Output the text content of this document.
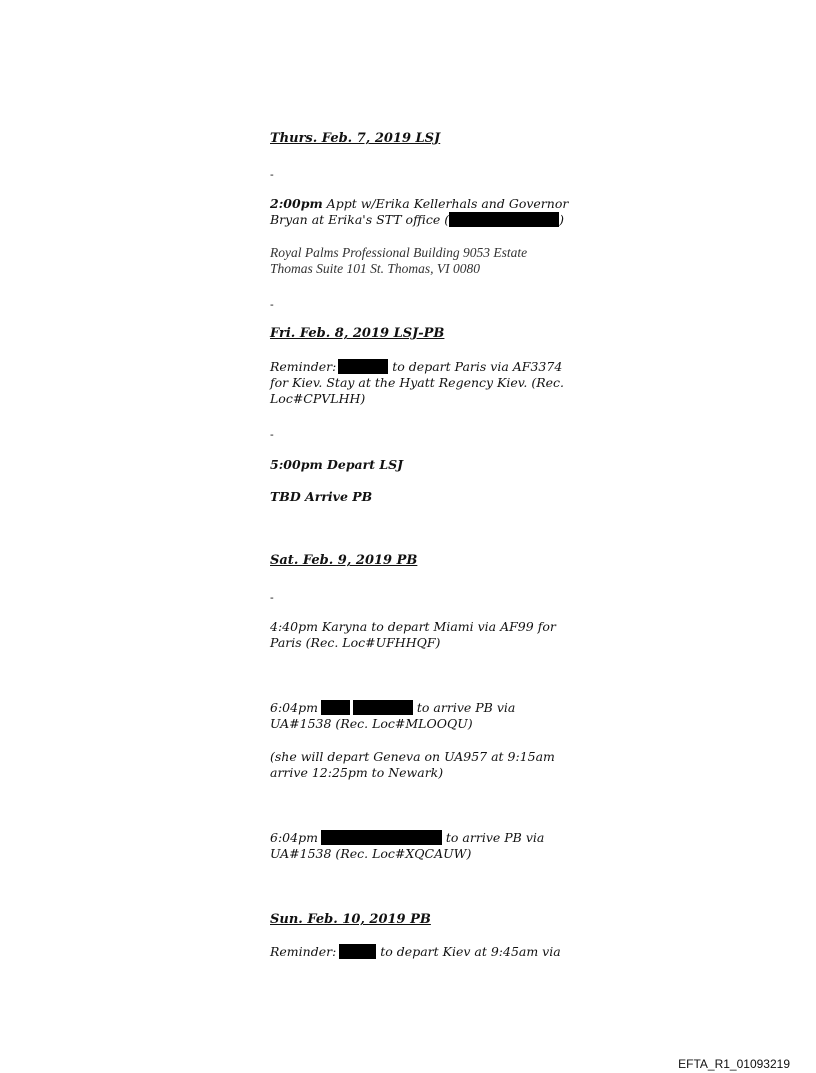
Thurs. Feb. 7, 2019 LSJ
-
2:00pm Appt w/Erika Kellerhals and Governor Bryan at Erika's STT office (	)
Royal Palms Professional Building 9053 Estate Thomas Suite 101 St. Thomas, VI 0080
-
Fri. Feb. 8, 2019 LSJ-PB
Reminder:	to depart Paris via AF3374 for Kiev. Stay at the Hyatt Regency Kiev. (Rec. Loc#CPVLHH)
-
5:00pm Depart LSJ
TBD Arrive PB
Sat. Feb. 9, 2019 PB
-
4:40pm Karyna to depart Miami via AF99 for Paris (Rec. Loc#UFHHQF)
6:04pm	to arrive PB via UA#1538 (Rec. Loc#MLOOQU)
(she will depart Geneva on UA957 at 9:15am arrive 12:25pm to Newark)
6:04pm	to arrive PB via UA#1538 (Rec. Loc#XQCAUW)
Sun. Feb. 10, 2019 PB
Reminder:	to depart Kiev at 9:45am via
EFTA_R1_01093219
